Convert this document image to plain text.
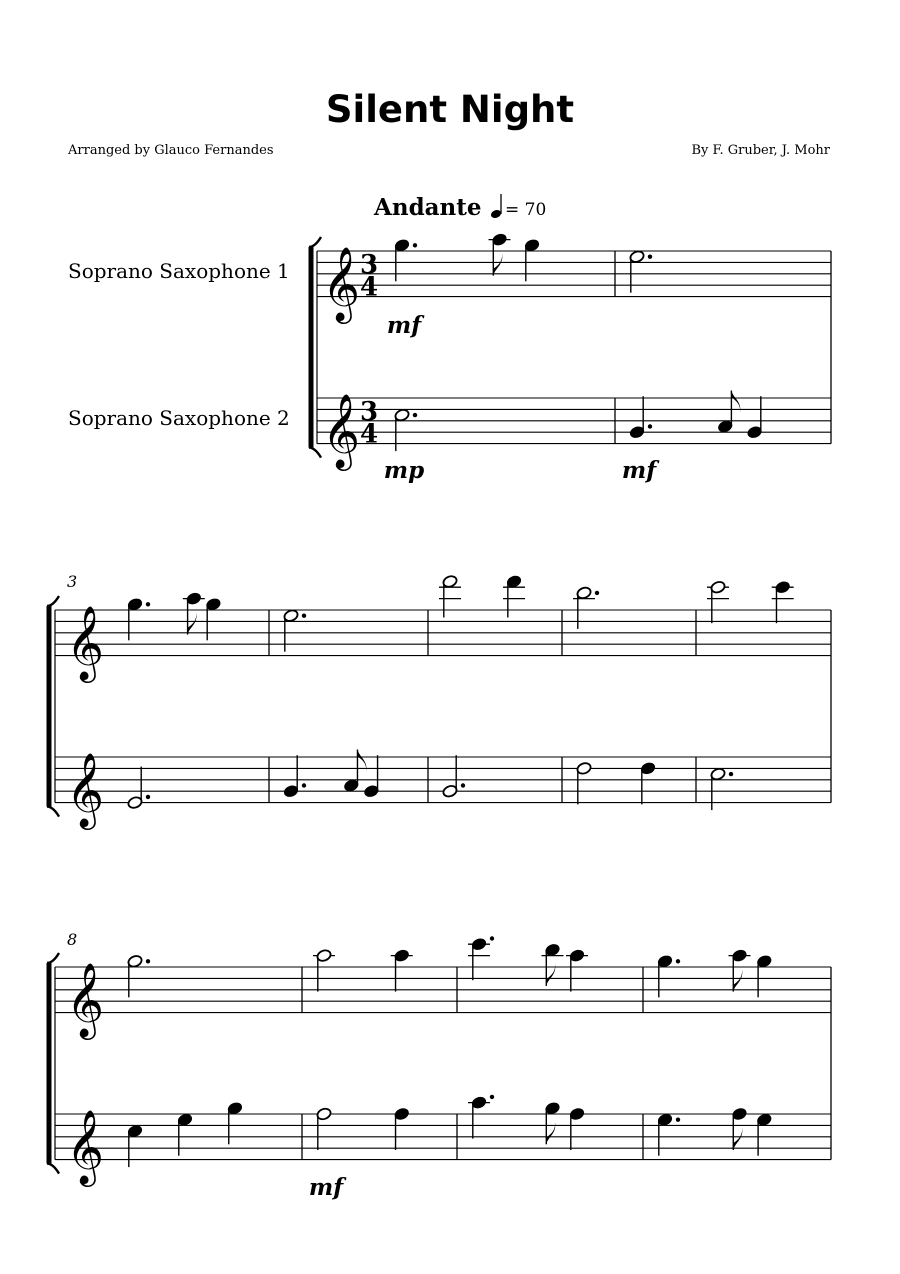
Silent Night
Arranged by Glauco Fernandes	By F. Gruber, J. Mohr
Andante = 70
Soprano Saxophone 1
Soprano Saxophone 2
𝄞
𝄞
3
4
3
4
mf
mp	mf
𝄞
𝄞
3
𝄞
𝄞
8
mf
